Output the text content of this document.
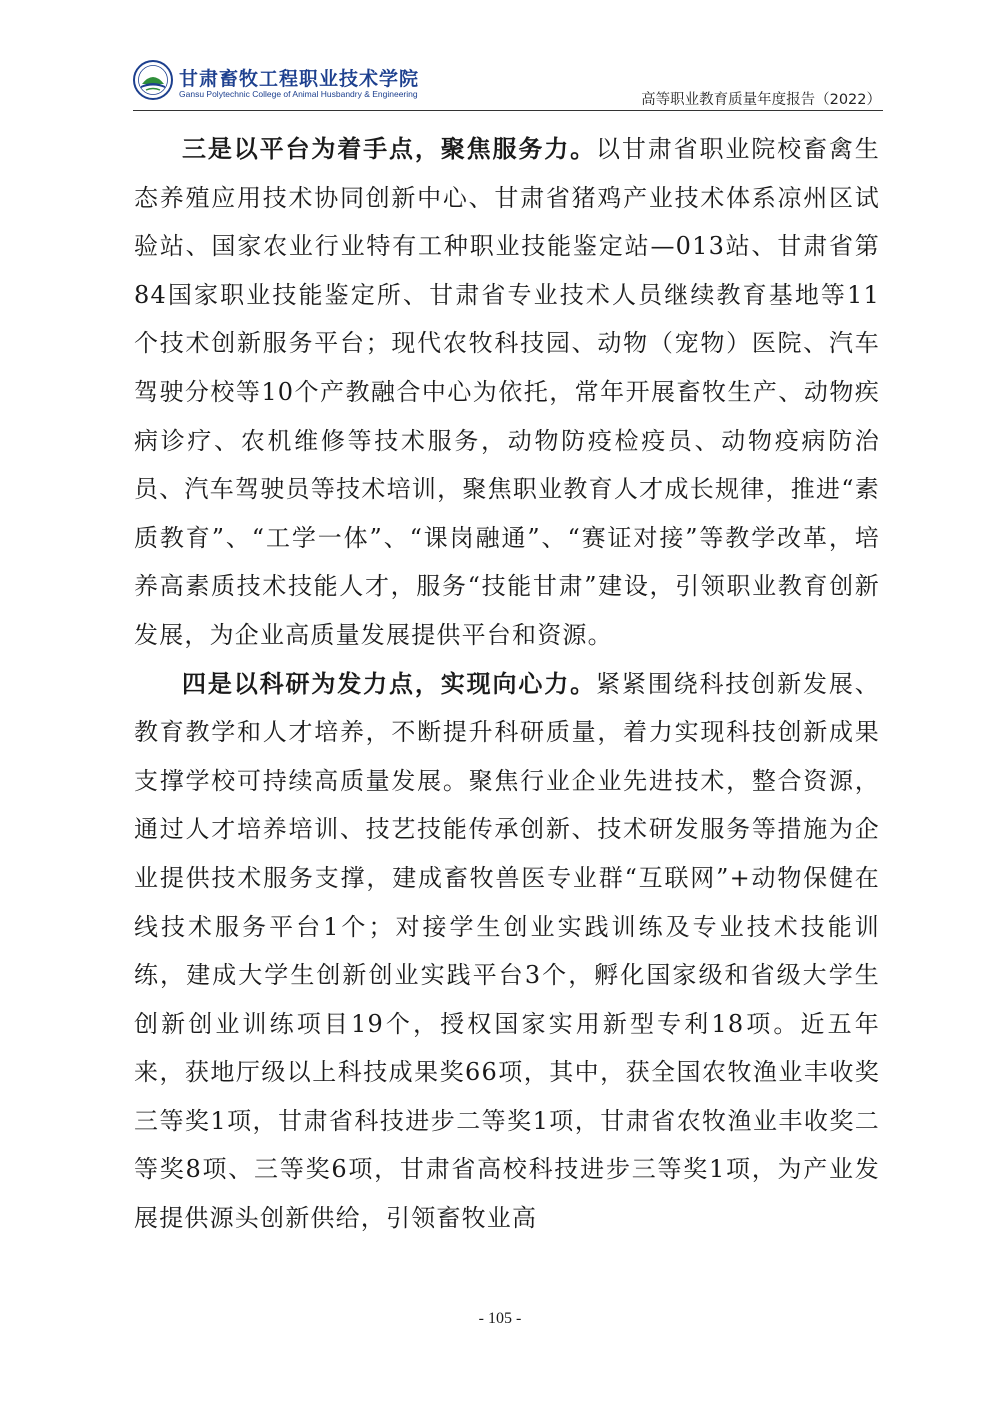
甘肃畜牧工程职业技术学院
Gansu Polytechnic College of Animal Husbandry & Engineering	高等职业教育质量年度报告（2022）

三是以平台为着手点，聚焦服务力。以甘肃省职业院校畜禽生态养殖应用技术协同创新中心、甘肃省猪鸡产业技术体系凉州区试验站、国家农业行业特有工种职业技能鉴定站—013站、甘肃省第84国家职业技能鉴定所、甘肃省专业技术人员继续教育基地等11个技术创新服务平台；现代农牧科技园、动物（宠物）医院、汽车驾驶分校等10个产教融合中心为依托，常年开展畜牧生产、动物疾病诊疗、农机维修等技术服务，动物防疫检疫员、动物疫病防治员、汽车驾驶员等技术培训，聚焦职业教育人才成长规律，推进“素质教育”、“工学一体”、“课岗融通”、“赛证对接”等教学改革，培养高素质技术技能人才，服务“技能甘肃”建设，引领职业教育创新发展，为企业高质量发展提供平台和资源。

四是以科研为发力点，实现向心力。紧紧围绕科技创新发展、教育教学和人才培养，不断提升科研质量，着力实现科技创新成果支撑学校可持续高质量发展。聚焦行业企业先进技术，整合资源，通过人才培养培训、技艺技能传承创新、技术研发服务等措施为企业提供技术服务支撑，建成畜牧兽医专业群“互联网”+动物保健在线技术服务平台1个；对接学生创业实践训练及专业技术技能训练，建成大学生创新创业实践平台3个，孵化国家级和省级大学生创新创业训练项目19个，授权国家实用新型专利18项。近五年来，获地厅级以上科技成果奖66项，其中，获全国农牧渔业丰收奖三等奖1项，甘肃省科技进步二等奖1项，甘肃省农牧渔业丰收奖二等奖8项、三等奖6项，甘肃省高校科技进步三等奖1项，为产业发展提供源头创新供给，引领畜牧业高

- 105 -
